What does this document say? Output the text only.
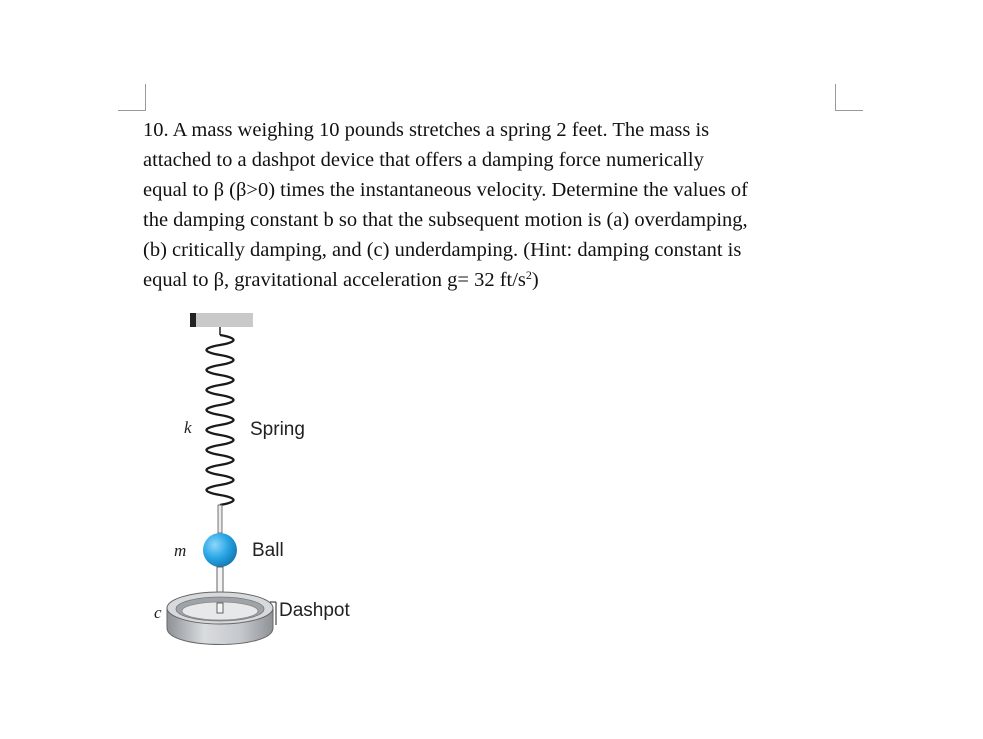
10. A mass weighing 10 pounds stretches a spring 2 feet. The mass is
attached to a dashpot device that offers a damping force numerically
equal to β (β>0) times the instantaneous velocity. Determine the values of
the damping constant b so that the subsequent motion is (a) overdamping,
(b) critically damping, and (c) underdamping. (Hint: damping constant is
equal to β, gravitational acceleration g= 32 $ft/s^2$)
k	Spring
m	Ball
c	Dashpot
